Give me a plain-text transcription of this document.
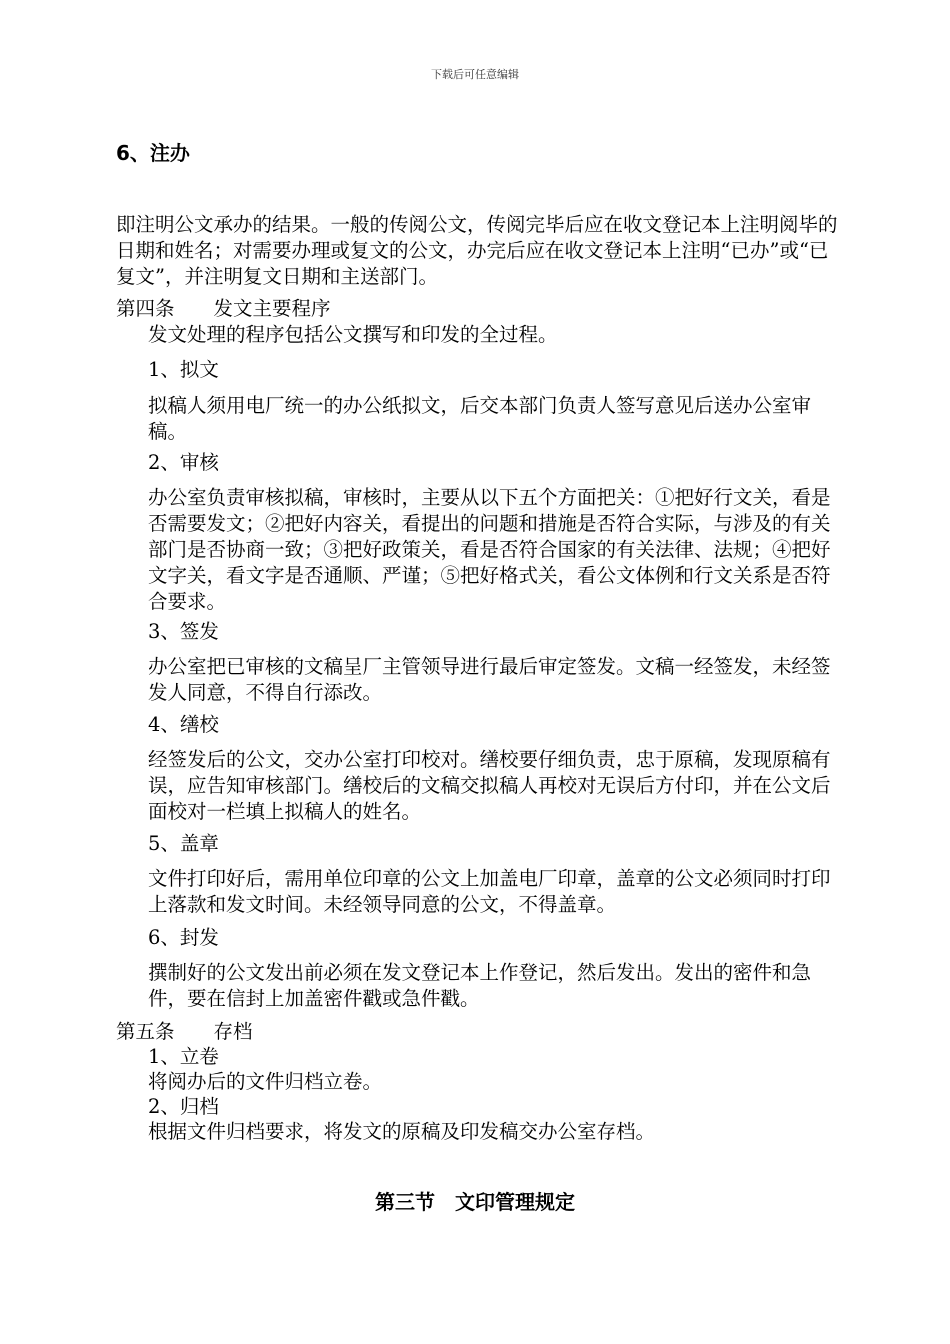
下载后可任意编辑
6、注办
即注明公文承办的结果。一般的传阅公文，传阅完毕后应在收文登记本上注明阅毕的日期和姓名；对需要办理或复文的公文，办完后应在收文登记本上注明“已办”或“已复文”，并注明复文日期和主送部门。
第四条　　发文主要程序
发文处理的程序包括公文撰写和印发的全过程。
1、拟文
拟稿人须用电厂统一的办公纸拟文，后交本部门负责人签写意见后送办公室审稿。
2、审核
办公室负责审核拟稿，审核时，主要从以下五个方面把关：①把好行文关，看是否需要发文；②把好内容关，看提出的问题和措施是否符合实际，与涉及的有关部门是否协商一致；③把好政策关，看是否符合国家的有关法律、法规；④把好文字关，看文字是否通顺、严谨；⑤把好格式关，看公文体例和行文关系是否符合要求。
3、签发
办公室把已审核的文稿呈厂主管领导进行最后审定签发。文稿一经签发，未经签发人同意，不得自行添改。
4、缮校
经签发后的公文，交办公室打印校对。缮校要仔细负责，忠于原稿，发现原稿有误，应告知审核部门。缮校后的文稿交拟稿人再校对无误后方付印，并在公文后面校对一栏填上拟稿人的姓名。
5、盖章
文件打印好后，需用单位印章的公文上加盖电厂印章，盖章的公文必须同时打印上落款和发文时间。未经领导同意的公文，不得盖章。
6、封发
撰制好的公文发出前必须在发文登记本上作登记，然后发出。发出的密件和急件，要在信封上加盖密件戳或急件戳。
第五条　　存档
1、立卷
将阅办后的文件归档立卷。
2、归档
根据文件归档要求，将发文的原稿及印发稿交办公室存档。
第三节　文印管理规定
